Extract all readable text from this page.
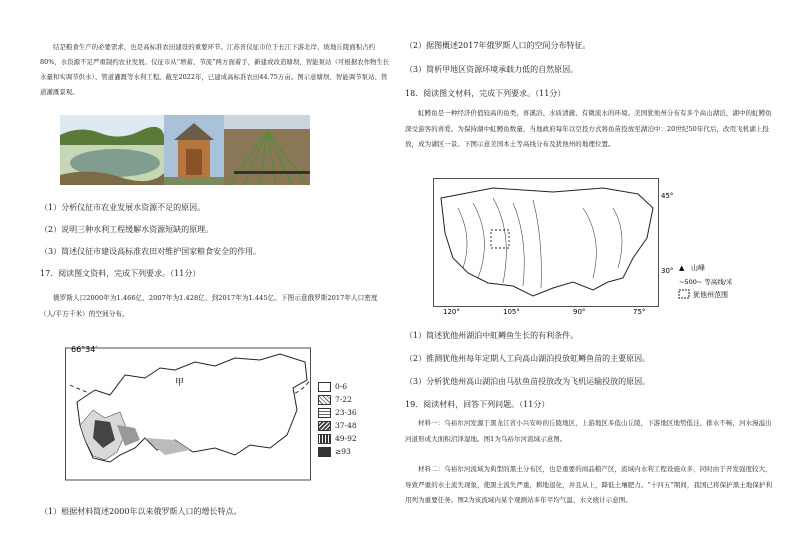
结是粮食生产的必要需求，也是高标准农田建设的重要环节。江苏省仪征市位于长江下游北岸，坡地丘陵面积占约80%，水资源不足严重制约农业发展。仪征市从“增蓄、节流”两方面着手，新建或改造塘坝、智能泵站（可根据农作物生长水量和实调节供水）、管道灌溉等水利工程。截至2022年，已建成高标准农田44.75万亩。图示意塘坝、智能调节泵站、管道灌溉景观。

（1）分析仪征市农业发展水资源不足的原因。

（2）说明三种水利工程缓解水资源短缺的原理。

（3）简述仪征市建设高标准农田对维护国家粮食安全的作用。

17．阅读图文资料，完成下列要求。（11分）

俄罗斯人口2000年为1.466亿，2007年为1.428亿，到2017年为1.445亿。下图示意俄罗斯2017年人口密度（人/平方千米）的空间分布。

66°34′
甲	0-6
7-22
23-36
37-48
49-92
≥93

（1）根据材料简述2000年以来俄罗斯人口的增长特点。

（2）据图概述2017年俄罗斯人口的空间分布特征。

（3）简析甲地区资源环境承载力低的自然原因。

18．阅读图文材料，完成下列要求。（11分）

虹鳟鱼是一种经济价值较高的鱼类，喜溪浴、水质清澈、有微流水的环境。美国犹他州分布有多个高山湖泊，湖中的虹鳟鱼深受游客的喜爱。为保持湖中虹鳟鱼数量，当地政府每年以空投方式将鱼苗投放至湖泊中：20世纪50年代后，改用飞机湖上投放，成为湖区一景。下图示意美国本土等高线分布及犹他州的地理位置。

45°
30°
120°	105°	90°	75°
▲ 山峰
~500~ 等高线/米
犹他州范围

（1）简述犹他州湖泊中虹鳟鱼生长的有利条件。

（2）推测犹他州每年定期人工向高山湖泊投放虹鳟鱼苗的主要原因。

（3）分析犹他州高山湖泊由马驮鱼苗投放改为飞机运输投放的原因。

19．阅读材料，回答下列问题。（11分）

材料一：乌裕尔河发源于黑龙江省小兴安岭的丘陵地区，上游地区多低山丘陵，下游地区地势低洼，排水不畅，河水漫溢出河道形成大面积沼泽湿地。图1为乌裕尔河流域示意图。

材料二：乌裕尔河流域为典型的黑土分布区，也是重要的商品粮产区，流域内水利工程设施众多，同时由于开发强度较大，导致严重的水土流失现象，使黑土流失严重，耕地退化，并且从上，降低土壤肥力。“十四五”期间，我国已将保护黑土地保护利用列为重要任务。图2为该流域内某个观测站多年平均气温、水文统计示意图。
